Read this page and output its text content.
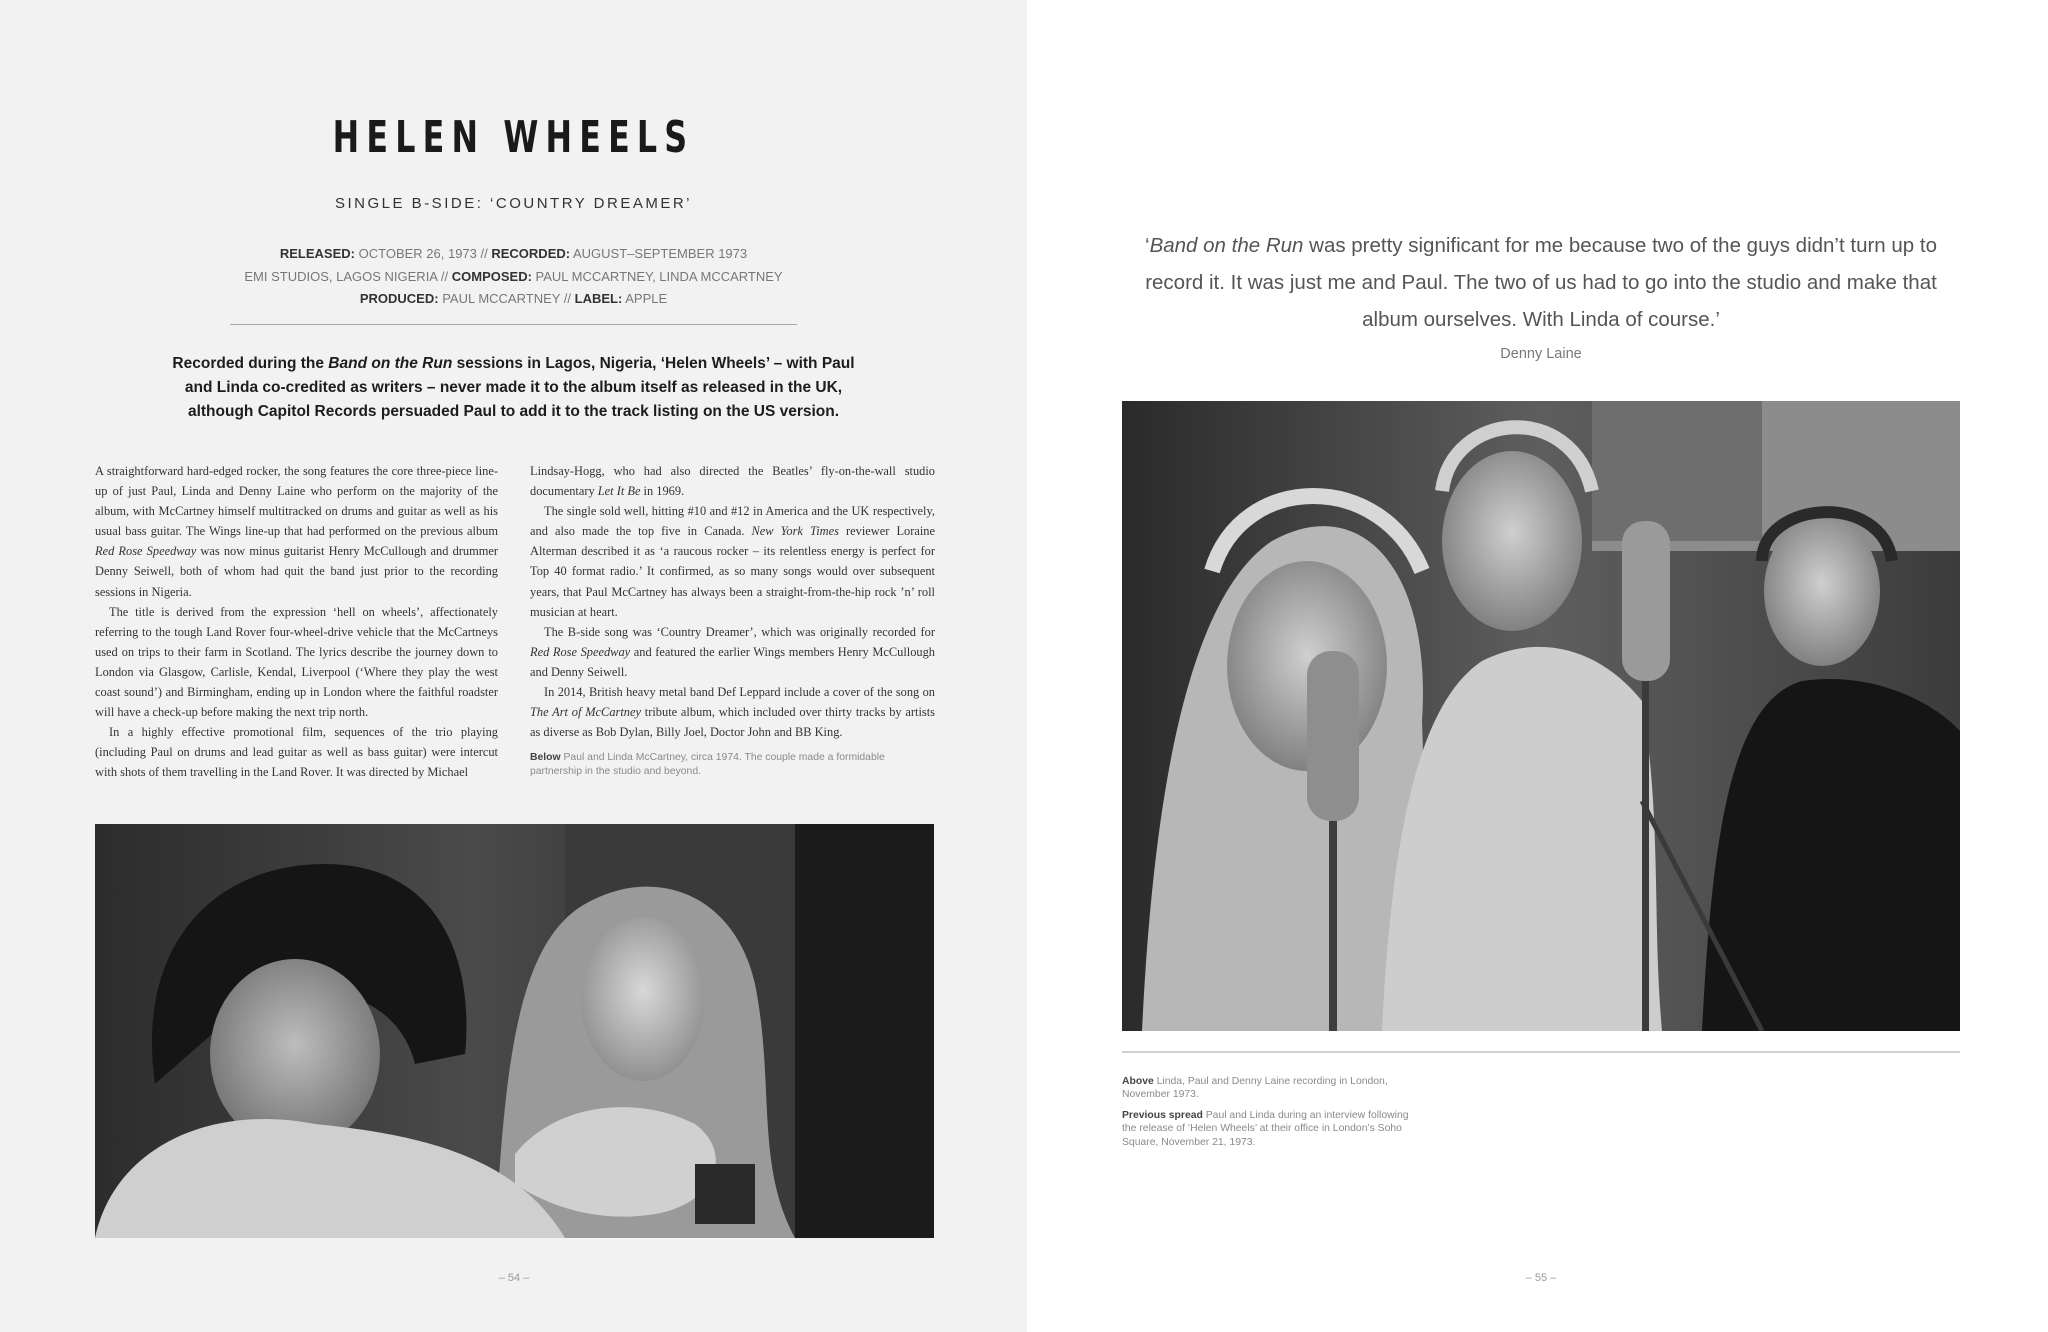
HELEN WHEELS
SINGLE B-SIDE: ‘COUNTRY DREAMER’
RELEASED: OCTOBER 26, 1973 // RECORDED: AUGUST–SEPTEMBER 1973
EMI STUDIOS, LAGOS NIGERIA // COMPOSED: PAUL MCCARTNEY, LINDA MCCARTNEY
PRODUCED: PAUL MCCARTNEY // LABEL: APPLE
Recorded during the Band on the Run sessions in Lagos, Nigeria, ‘Helen Wheels’ – with Paul and Linda co-credited as writers – never made it to the album itself as released in the UK, although Capitol Records persuaded Paul to add it to the track listing on the US version.

A straightforward hard-edged rocker, the song features the core three-piece line-up of just Paul, Linda and Denny Laine who perform on the majority of the album, with McCartney himself multitracked on drums and guitar as well as his usual bass guitar. The Wings line-up that had performed on the previous album Red Rose Speedway was now minus guitarist Henry McCullough and drummer Denny Seiwell, both of whom had quit the band just prior to the recording sessions in Nigeria.

The title is derived from the expression ‘hell on wheels’, affectionately referring to the tough Land Rover four-wheel-drive vehicle that the McCartneys used on trips to their farm in Scotland. The lyrics describe the journey down to London via Glasgow, Carlisle, Kendal, Liverpool (‘Where they play the west coast sound’) and Birmingham, ending up in London where the faithful roadster will have a check-up before making the next trip north.

In a highly effective promotional film, sequences of the trio playing (including Paul on drums and lead guitar as well as bass guitar) were intercut with shots of them travelling in the Land Rover. It was directed by Michael

Lindsay-Hogg, who had also directed the Beatles’ fly-on-the-wall studio documentary Let It Be in 1969.

The single sold well, hitting #10 and #12 in America and the UK respectively, and also made the top five in Canada. New York Times reviewer Loraine Alterman described it as ‘a raucous rocker – its relentless energy is perfect for Top 40 format radio.’ It confirmed, as so many songs would over subsequent years, that Paul McCartney has always been a straight-from-the-hip rock ’n’ roll musician at heart.

The B-side song was ‘Country Dreamer’, which was originally recorded for Red Rose Speedway and featured the earlier Wings members Henry McCullough and Denny Seiwell.

In 2014, British heavy metal band Def Leppard include a cover of the song on The Art of McCartney tribute album, which included over thirty tracks by artists as diverse as Bob Dylan, Billy Joel, Doctor John and BB King.

Below Paul and Linda McCartney, circa 1974. The couple made a formidable partnership in the studio and beyond.
– 54 –
‘Band on the Run was pretty significant for me because two of the guys didn’t turn up to record it. It was just me and Paul. The two of us had to go into the studio and make that album ourselves. With Linda of course.’
Denny Laine

Above Linda, Paul and Denny Laine recording in London, November 1973.

Previous spread Paul and Linda during an interview following the release of ‘Helen Wheels’ at their office in London’s Soho Square, November 21, 1973.

– 55 –
